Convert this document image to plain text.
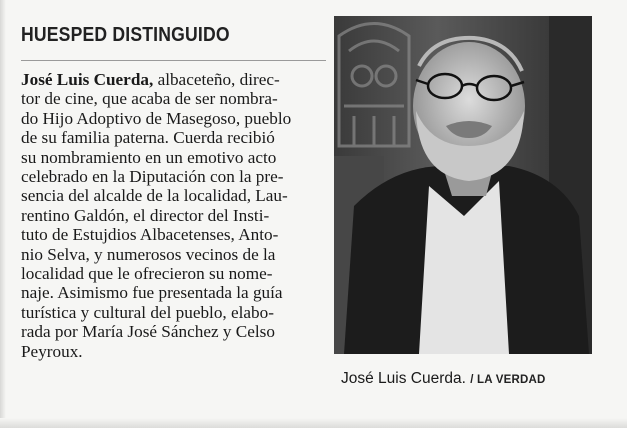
HUESPED DISTINGUIDO
José Luis Cuerda, albaceteño, direc-
tor de cine, que acaba de ser nombra-
do Hijo Adoptivo de Masegoso, pueblo
de su familia paterna. Cuerda recibió
su nombramiento en un emotivo acto
celebrado en la Diputación con la pre-
sencia del alcalde de la localidad, Lau-
rentino Galdón, el director del Insti-
tuto de Estujdios Albacetenses, Anto-
nio Selva, y numerosos vecinos de la
localidad que le ofrecieron su nome-
naje. Asimismo fue presentada la guía
turística y cultural del pueblo, elabo-
rada por María José Sánchez y Celso
Peyroux.
José Luis Cuerda. / LA VERDAD
